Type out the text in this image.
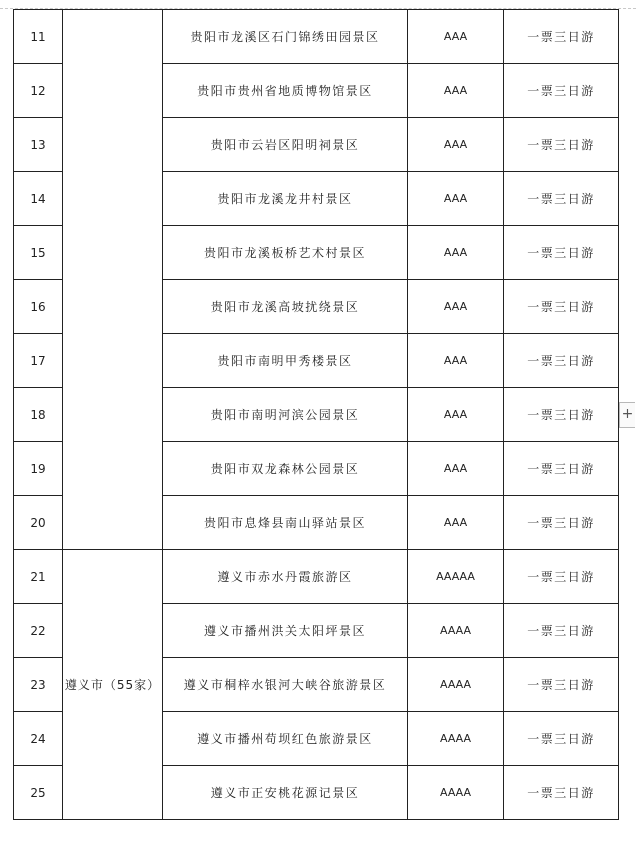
11		贵阳市龙溪区石门锦绣田园景区	AAA	一票三日游
12		贵阳市贵州省地质博物馆景区	AAA	一票三日游
13		贵阳市云岩区阳明祠景区	AAA	一票三日游
14		贵阳市龙溪龙井村景区	AAA	一票三日游
15		贵阳市龙溪板桥艺术村景区	AAA	一票三日游
16		贵阳市龙溪高坡扰绕景区	AAA	一票三日游
17		贵阳市南明甲秀楼景区	AAA	一票三日游
18		贵阳市南明河滨公园景区	AAA	一票三日游
19		贵阳市双龙森林公园景区	AAA	一票三日游
20		贵阳市息烽县南山驿站景区	AAA	一票三日游
21	遵义市（55家）	遵义市赤水丹霞旅游区	AAAAA	一票三日游
22		遵义市播州洪关太阳坪景区	AAAA	一票三日游
23		遵义市桐梓水银河大峡谷旅游景区	AAAA	一票三日游
24		遵义市播州苟坝红色旅游景区	AAAA	一票三日游
25		遵义市正安桃花源记景区	AAAA	一票三日游
+
